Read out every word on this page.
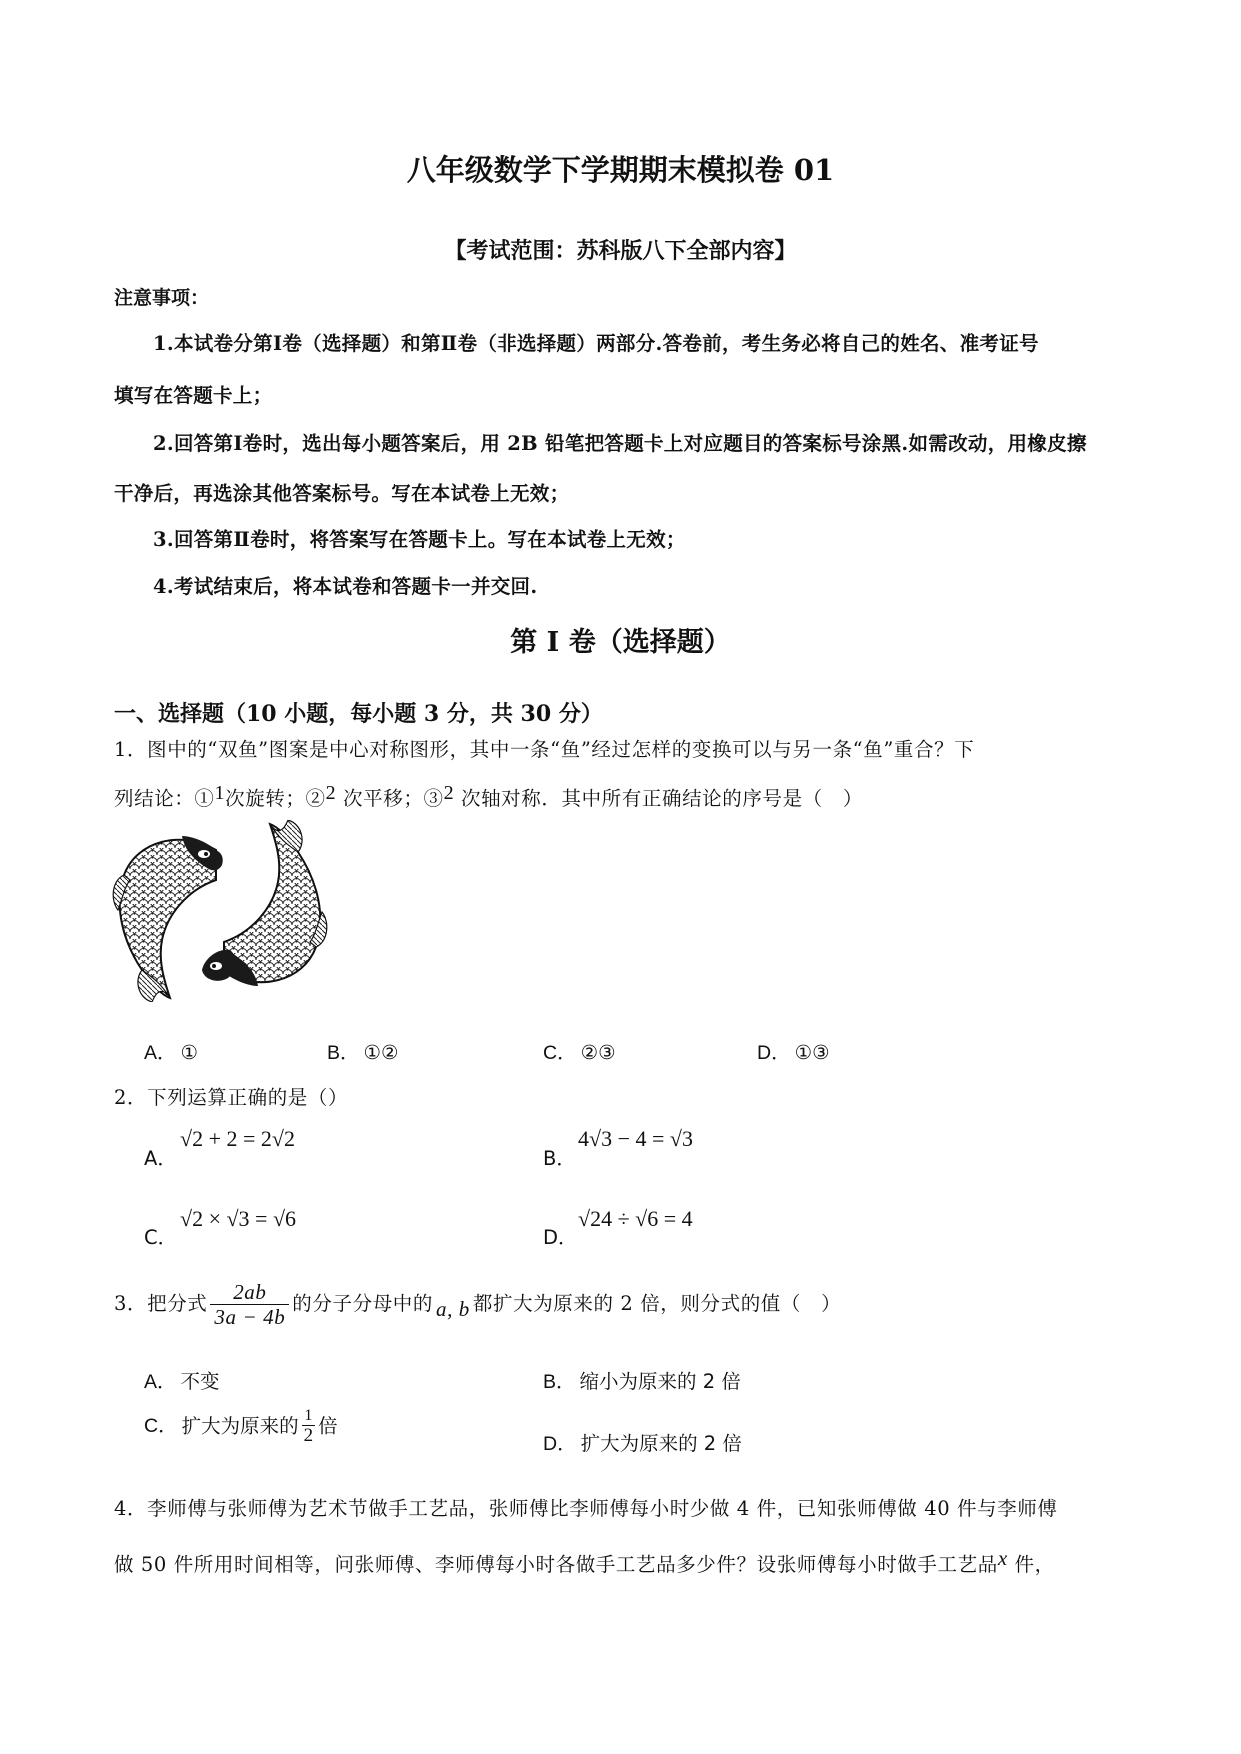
八年级数学下学期期末模拟卷 01
【考试范围：苏科版八下全部内容】
注意事项：
1.本试卷分第Ⅰ卷（选择题）和第Ⅱ卷（非选择题）两部分.答卷前，考生务必将自己的姓名、准考证号
填写在答题卡上；
2.回答第Ⅰ卷时，选出每小题答案后，用 2B 铅笔把答题卡上对应题目的答案标号涂黑.如需改动，用橡皮擦
干净后，再选涂其他答案标号。写在本试卷上无效；
3.回答第Ⅱ卷时，将答案写在答题卡上。写在本试卷上无效；
4.考试结束后，将本试卷和答题卡一并交回.
第 I 卷（选择题）
一、选择题（10 小题，每小题 3 分，共 30 分）
1．图中的“双鱼”图案是中心对称图形，其中一条“鱼”经过怎样的变换可以与另一条“鱼”重合？下
列结论：①1次旋转；②2 次平移；③2 次轴对称．其中所有正确结论的序号是（　）
A． ①	B． ①②	C． ②③	D． ①③
2．下列运算正确的是（）
A．
√2 + 2 = 2√2
B．
4√3 − 4 = √3
C．
√2 × √3 = √6
D．
√24 ÷ √6 = 4
3．把分式 $\frac{2ab}{3a - 4b}$ 的分子分母中的 a, b 都扩大为原来的 2 倍，则分式的值（　）
A． 不变	B． 缩小为原来的 2 倍
C． 扩大为原来的 $\frac{1}{2}$ 倍
D． 扩大为原来的 2 倍
4．李师傅与张师傅为艺术节做手工艺品，张师傅比李师傅每小时少做 4 件，已知张师傅做 40 件与李师傅
做 50 件所用时间相等，问张师傅、李师傅每小时各做手工艺品多少件？设张师傅每小时做手工艺品x 件，
